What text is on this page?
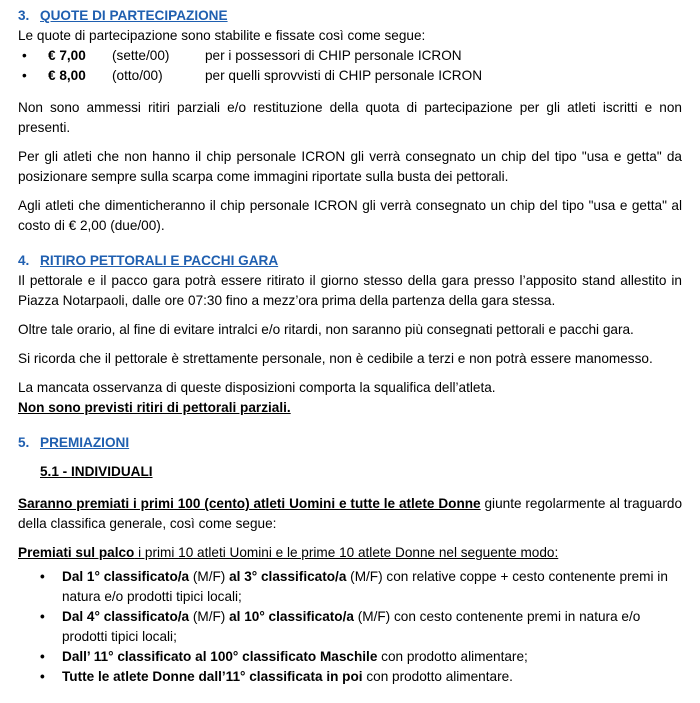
3. QUOTE DI PARTECIPAZIONE

Le quote di partecipazione sono stabilite e fissate così come segue:

•	€ 7,00	(sette/00)	per i possessori di CHIP personale ICRON
•	€ 8,00	(otto/00)	per quelli sprovvisti di CHIP personale ICRON

Non sono ammessi ritiri parziali e/o restituzione della quota di partecipazione per gli atleti iscritti e non presenti.

Per gli atleti che non hanno il chip personale ICRON gli verrà consegnato un chip del tipo "usa e getta" da posizionare sempre sulla scarpa come immagini riportate sulla busta dei pettorali.

Agli atleti che dimenticheranno il chip personale ICRON gli verrà consegnato un chip del tipo "usa e getta" al costo di € 2,00 (due/00).

4. RITIRO PETTORALI E PACCHI GARA

Il pettorale e il pacco gara potrà essere ritirato il giorno stesso della gara presso l’apposito stand allestito in Piazza Notarpaoli, dalle ore 07:30 fino a mezz’ora prima della partenza della gara stessa.

Oltre tale orario, al fine di evitare intralci e/o ritardi, non saranno più consegnati pettorali e pacchi gara.

Si ricorda che il pettorale è strettamente personale, non è cedibile a terzi e non potrà essere manomesso.

La mancata osservanza di queste disposizioni comporta la squalifica dell’atleta.

Non sono previsti ritiri di pettorali parziali.

5. PREMIAZIONI
5.1 - INDIVIDUALI

Saranno premiati i primi 100 (cento) atleti Uomini e tutte le atlete Donne giunte regolarmente al traguardo della classifica generale, così come segue:

Premiati sul palco i primi 10 atleti Uomini e le prime 10 atlete Donne nel seguente modo:

• Dal 1° classificato/a (M/F) al 3° classificato/a (M/F) con relative coppe + cesto contenente premi in natura e/o prodotti tipici locali;
• Dal 4° classificato/a (M/F) al 10° classificato/a (M/F) con cesto contenente premi in natura e/o prodotti tipici locali;
• Dall’ 11° classificato al 100° classificato Maschile con prodotto alimentare;
• Tutte le atlete Donne dall’11° classificata in poi con prodotto alimentare.
